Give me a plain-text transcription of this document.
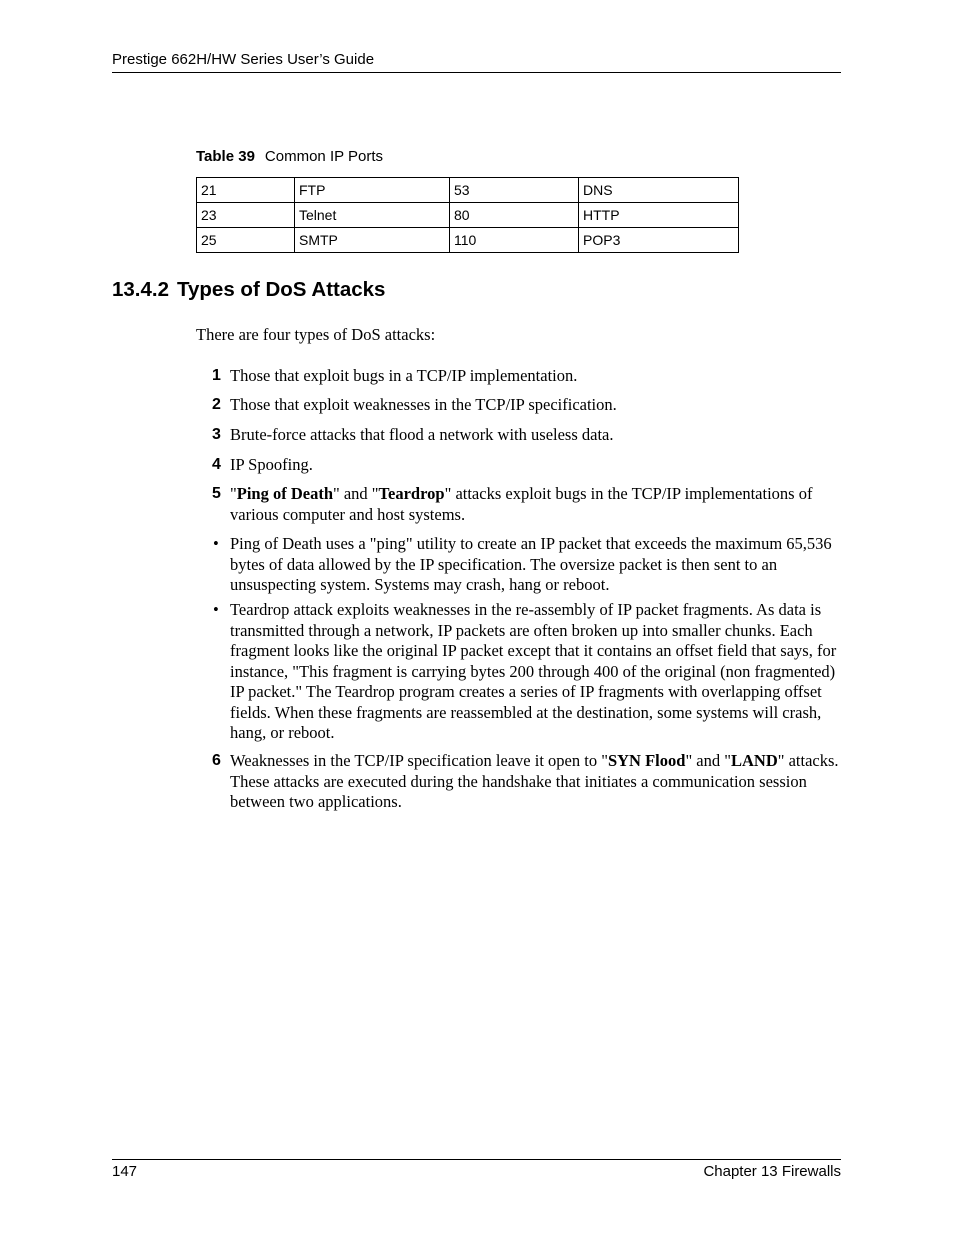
Prestige 662H/HW Series User’s Guide
Table 39 Common IP Ports
21	FTP	53	DNS
23	Telnet	80	HTTP
25	SMTP	110	POP3
13.4.2 Types of DoS Attacks
There are four types of DoS attacks:
1 Those that exploit bugs in a TCP/IP implementation.
2 Those that exploit weaknesses in the TCP/IP specification.
3 Brute-force attacks that flood a network with useless data.
4 IP Spoofing.
5 "Ping of Death" and "Teardrop" attacks exploit bugs in the TCP/IP implementations of various computer and host systems.
• Ping of Death uses a "ping" utility to create an IP packet that exceeds the maximum 65,536 bytes of data allowed by the IP specification. The oversize packet is then sent to an unsuspecting system. Systems may crash, hang or reboot.
• Teardrop attack exploits weaknesses in the re-assembly of IP packet fragments. As data is transmitted through a network, IP packets are often broken up into smaller chunks. Each fragment looks like the original IP packet except that it contains an offset field that says, for instance, "This fragment is carrying bytes 200 through 400 of the original (non fragmented) IP packet." The Teardrop program creates a series of IP fragments with overlapping offset fields. When these fragments are reassembled at the destination, some systems will crash, hang, or reboot.
6 Weaknesses in the TCP/IP specification leave it open to "SYN Flood" and "LAND" attacks. These attacks are executed during the handshake that initiates a communication session between two applications.
147	Chapter 13 Firewalls
